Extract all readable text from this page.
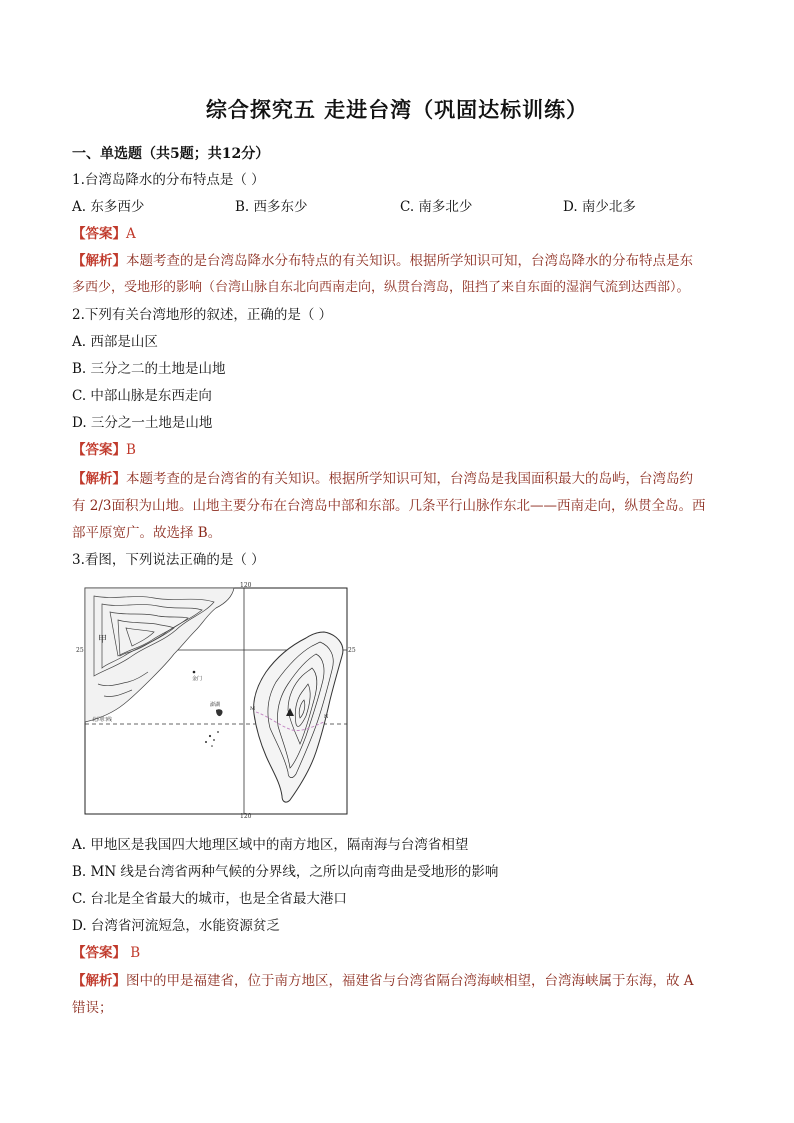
综合探究五 走进台湾（巩固达标训练）
一、单选题（共5题；共12分）
1.台湾岛降水的分布特点是（ ）
A. 东多西少	B. 西多东少	C. 南多北少	D. 南少北多
【答案】A
【解析】本题考查的是台湾岛降水分布特点的有关知识。根据所学知识可知，台湾岛降水的分布特点是东
多西少，受地形的影响（台湾山脉自东北向西南走向，纵贯台湾岛，阻挡了来自东面的湿润气流到达西部）。
2.下列有关台湾地形的叙述，正确的是（ ）
A. 西部是山区
B. 三分之二的土地是山地
C. 中部山脉是东西走向
D. 三分之一土地是山地
【答案】B
【解析】本题考查的是台湾省的有关知识。根据所学知识可知，台湾岛是我国面积最大的岛屿，台湾岛约
有 2/3面积为山地。山地主要分布在台湾岛中部和东部。几条平行山脉作东北——西南走向，纵贯全岛。西
部平原宽广。故选择 B。
3.看图，下列说法正确的是（ ）
120
120
25	25
甲
金门
澎湖
北回归线
M
N
A. 甲地区是我国四大地理区域中的南方地区，隔南海与台湾省相望
B. MN 线是台湾省两种气候的分界线，之所以向南弯曲是受地形的影响
C. 台北是全省最大的城市，也是全省最大港口
D. 台湾省河流短急，水能资源贫乏
【答案】 B
【解析】图中的甲是福建省，位于南方地区，福建省与台湾省隔台湾海峡相望，台湾海峡属于东海，故 A
错误；
